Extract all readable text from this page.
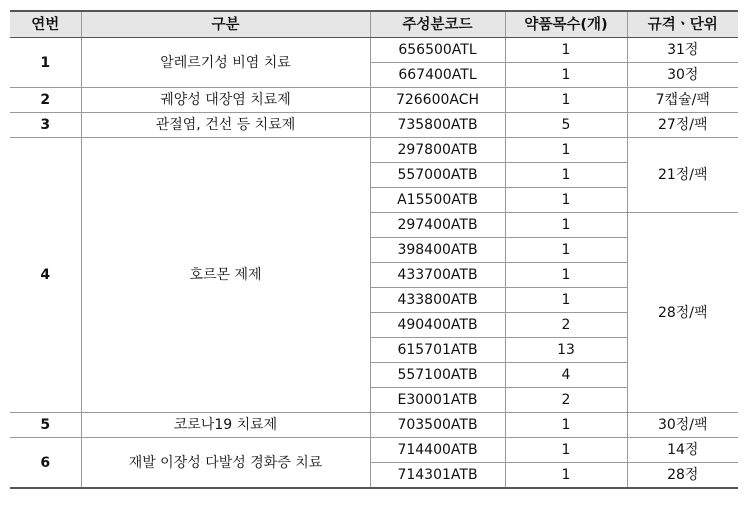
연번	구분	주성분코드	약품목수(개)	규격ㆍ단위
1	알레르기성 비염 치료	656500ATL	1	31정
		667400ATL	1	30정
2	궤양성 대장염 치료제	726600ACH	1	7캡슐/팩
3	관절염, 건선 등 치료제	735800ATB	5	27정/팩
4	호르몬 제제	297800ATB	1	21정/팩
		557000ATB	1	
		A15500ATB	1	
		297400ATB	1	28정/팩
		398400ATB	1	
		433700ATB	1	
		433800ATB	1	
		490400ATB	2	
		615701ATB	13	
		557100ATB	4	
		E30001ATB	2	
5	코로나19 치료제	703500ATB	1	30정/팩
6	재발 이장성 다발성 경화증 치료	714400ATB	1	14정
		714301ATB	1	28정
